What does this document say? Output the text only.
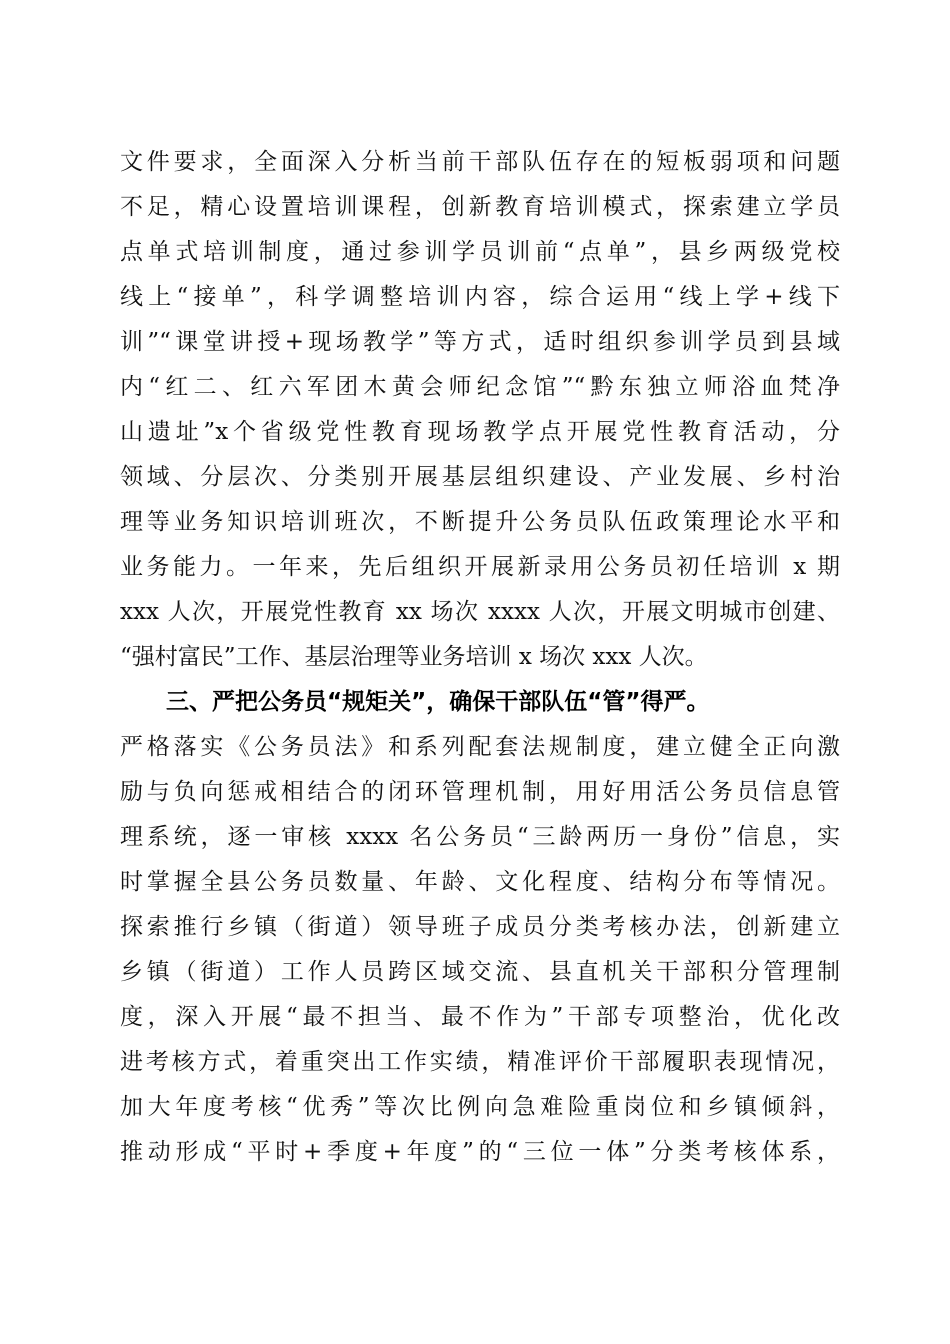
文件要求，全面深入分析当前干部队伍存在的短板弱项和问题
不足，精心设置培训课程，创新教育培训模式，探索建立学员
点单式培训制度，通过参训学员训前“点单”，县乡两级党校
线上“接单”，科学调整培训内容，综合运用“线上学+线下
训”“课堂讲授+现场教学”等方式，适时组织参训学员到县域
内“红二、红六军团木黄会师纪念馆”“黔东独立师浴血梵净
山遗址”x个省级党性教育现场教学点开展党性教育活动，分
领域、分层次、分类别开展基层组织建设、产业发展、乡村治
理等业务知识培训班次，不断提升公务员队伍政策理论水平和
业务能力。一年来，先后组织开展新录用公务员初任培训 x 期
xxx 人次，开展党性教育 xx 场次 xxxx 人次，开展文明城市创建、
“强村富民”工作、基层治理等业务培训 x 场次 xxx 人次。
三、严把公务员“规矩关”，确保干部队伍“管”得严。
严格落实《公务员法》和系列配套法规制度，建立健全正向激
励与负向惩戒相结合的闭环管理机制，用好用活公务员信息管
理系统，逐一审核 xxxx 名公务员“三龄两历一身份”信息，实
时掌握全县公务员数量、年龄、文化程度、结构分布等情况。
探索推行乡镇（街道）领导班子成员分类考核办法，创新建立
乡镇（街道）工作人员跨区域交流、县直机关干部积分管理制
度，深入开展“最不担当、最不作为”干部专项整治，优化改
进考核方式，着重突出工作实绩，精准评价干部履职表现情况，
加大年度考核“优秀”等次比例向急难险重岗位和乡镇倾斜，
推动形成“平时+季度+年度”的“三位一体”分类考核体系，
